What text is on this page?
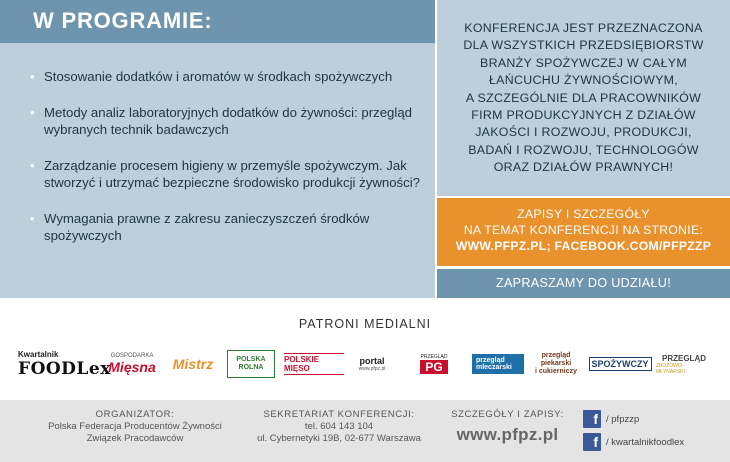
W PROGRAMIE:
• Stosowanie dodatków i aromatów w środkach spożywczych
• Metody analiz laboratoryjnych dodatków do żywności: przegląd wybranych technik badawczych
• Zarządzanie procesem higieny w przemyśle spożywczym. Jak stworzyć i utrzymać bezpieczne środowisko produkcji żywności?
• Wymagania prawne z zakresu zanieczyszczeń środków spożywczych
KONFERENCJA JEST PRZEZNACZONA
DLA WSZYSTKICH PRZEDSIĘBIORSTW
BRANŻY SPOŻYWCZEJ W CAŁYM
ŁAŃCUCHU ŻYWNOŚCIOWYM,
A SZCZEGÓLNIE DLA PRACOWNIKÓW
FIRM PRODUKCYJNYCH Z DZIAŁÓW
JAKOŚCI I ROZWOJU, PRODUKCJI,
BADAŃ I ROZWOJU, TECHNOLOGÓW
ORAZ DZIAŁÓW PRAWNYCH!
ZAPISY I SZCZEGÓŁY
NA TEMAT KONFERENCJI NA STRONIE:
WWW.PFPZ.PL; FACEBOOK.COM/PFPZZP
ZAPRASZAMY DO UDZIAŁU!
PATRONI MEDIALNI
Kwartalnik
FOODLex
GOSPODARKA
Mięsna Mistrz	POLSKA
ROLNA
POLSKIE MIĘSO
portal
www.pfpz.pl
PRZEGLĄD
PG	przegląd mleczarski
przegląd
piekarski
i cukierniczy
SPOŻYWCZY
PRZEGLĄD
ZBOŻOWO-MŁYNARSKI
ORGANIZATOR:
Polska Federacja Producentów Żywności
Związek Pracodawców
SEKRETARIAT KONFERENCJI:
tel. 604 143 104
ul. Cybernetyki 19B, 02-677 Warszawa
SZCZEGÓŁY I ZAPISY:
www.pfpz.pl
f / pfpzzp
f / kwartalnikfoodlex
